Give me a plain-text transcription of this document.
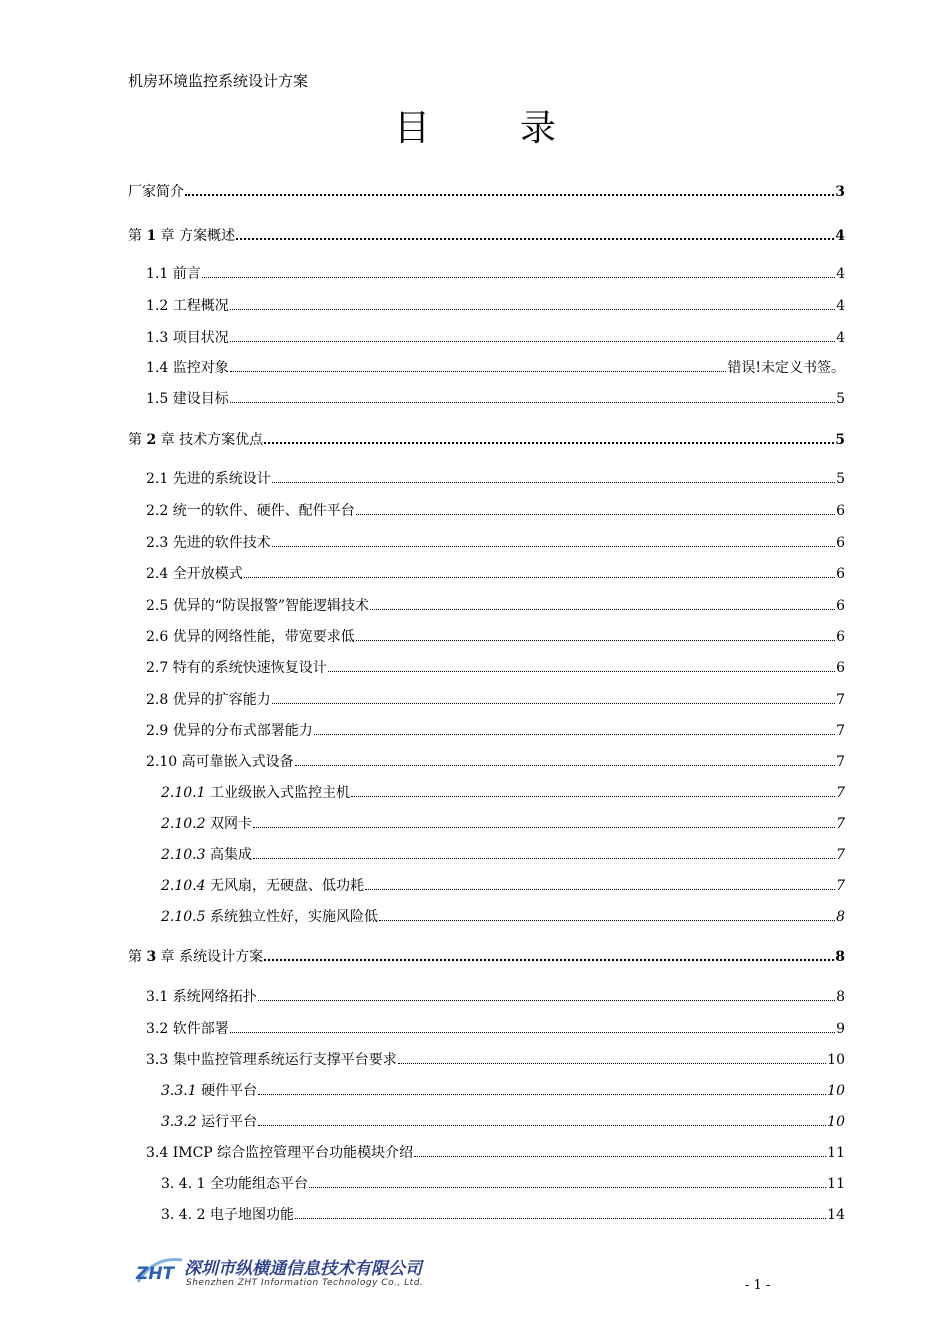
机房环境监控系统设计方案
目	录
厂家简介	3
第 1 章 方案概述	4
1.1 前言	4
1.2 工程概况	4
1.3 项目状况	4
1.4 监控对象	错误!未定义书签。
1.5 建设目标	5
第 2 章 技术方案优点	5
2.1 先进的系统设计	5
2.2 统一的软件、硬件、配件平台	6
2.3 先进的软件技术	6
2.4 全开放模式	6
2.5 优异的“防误报警”智能逻辑技术	6
2.6 优异的网络性能，带宽要求低	6
2.7 特有的系统快速恢复设计	6
2.8 优异的扩容能力	7
2.9 优异的分布式部署能力	7
2.10 高可靠嵌入式设备	7
2.10.1 工业级嵌入式监控主机	7
2.10.2 双网卡	7
2.10.3 高集成	7
2.10.4 无风扇，无硬盘、低功耗	7
2.10.5 系统独立性好，实施风险低	8
第 3 章 系统设计方案	8
3.1 系统网络拓扑	8
3.2 软件部署	9
3.3 集中监控管理系统运行支撑平台要求	10
3.3.1 硬件平台	10
3.3.2 运行平台	10
3.4 IMCP 综合监控管理平台功能模块介绍	11
3. 4. 1 全功能组态平台	11
3. 4. 2 电子地图功能	14
ZHT 深圳市纵横通信息技术有限公司
Shenzhen ZHT Information Technology Co., Ltd.	- 1 -
